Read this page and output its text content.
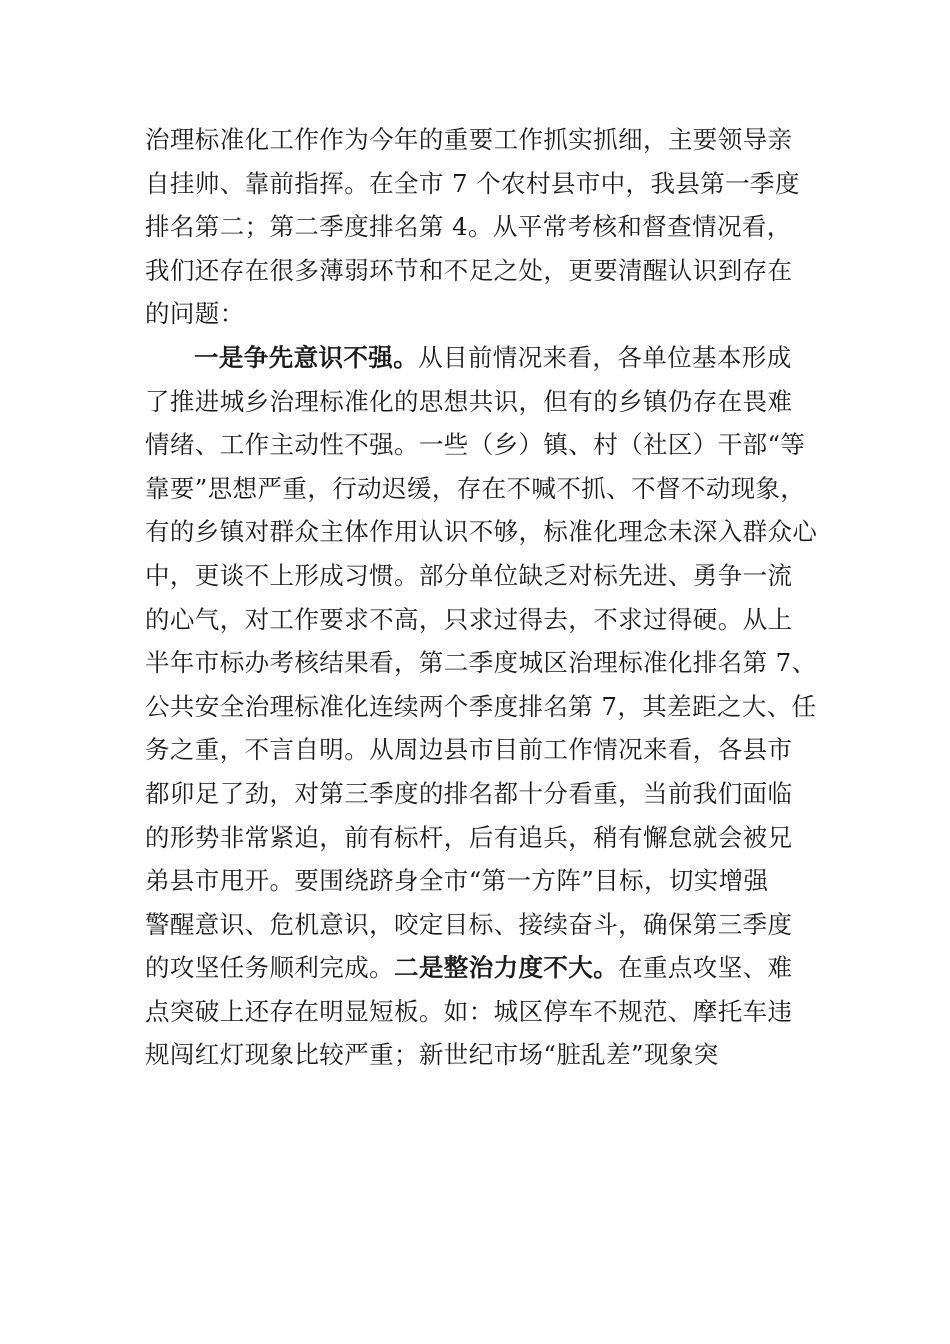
治理标准化工作作为今年的重要工作抓实抓细，主要领导亲
自挂帅、靠前指挥。在全市 7 个农村县市中，我县第一季度
排名第二；第二季度排名第 4。从平常考核和督查情况看，
我们还存在很多薄弱环节和不足之处，更要清醒认识到存在
的问题：
一是争先意识不强。从目前情况来看，各单位基本形成
了推进城乡治理标准化的思想共识，但有的乡镇仍存在畏难
情绪、工作主动性不强。一些（乡）镇、村（社区）干部“等
靠要”思想严重，行动迟缓，存在不喊不抓、不督不动现象，
有的乡镇对群众主体作用认识不够，标准化理念未深入群众心
中，更谈不上形成习惯。部分单位缺乏对标先进、勇争一流
的心气，对工作要求不高，只求过得去，不求过得硬。从上
半年市标办考核结果看，第二季度城区治理标准化排名第 7、
公共安全治理标准化连续两个季度排名第 7，其差距之大、任
务之重，不言自明。从周边县市目前工作情况来看，各县市
都卯足了劲，对第三季度的排名都十分看重，当前我们面临
的形势非常紧迫，前有标杆，后有追兵，稍有懈怠就会被兄
弟县市甩开。要围绕跻身全市“第一方阵”目标，切实增强
警醒意识、危机意识，咬定目标、接续奋斗，确保第三季度
的攻坚任务顺利完成。二是整治力度不大。在重点攻坚、难
点突破上还存在明显短板。如：城区停车不规范、摩托车违
规闯红灯现象比较严重；新世纪市场“脏乱差”现象突
